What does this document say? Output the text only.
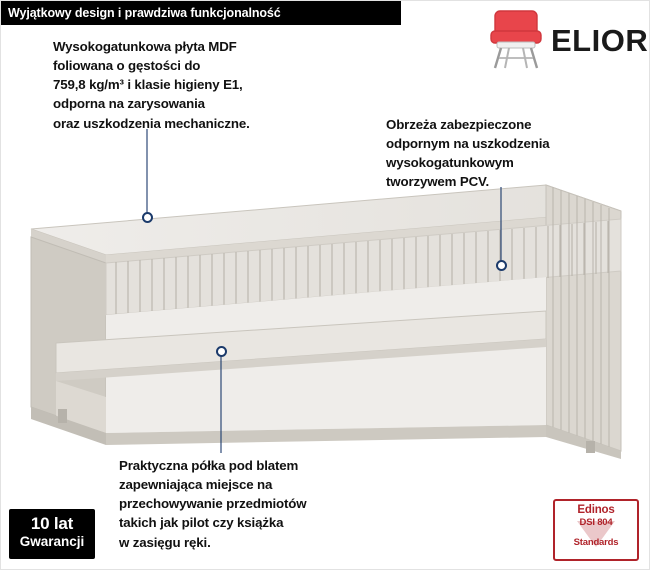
Wyjątkowy design i prawdziwa funkcjonalność
ELIOR
Wysokogatunkowa płyta MDF
foliowana o gęstości do
759,8 kg/m³ i klasie higieny E1,
odporna na zarysowania
oraz uszkodzenia mechaniczne.	Obrzeża zabezpieczone
odpornym na uszkodzenia
wysokogatunkowym
tworzywem PCV.
Praktyczna półka pod blatem
zapewniająca miejsce na
przechowywanie przedmiotów
takich jak pilot czy książka
w zasięgu ręki.
10 lat
Gwarancji
Edinos
DSI 804
Standards
